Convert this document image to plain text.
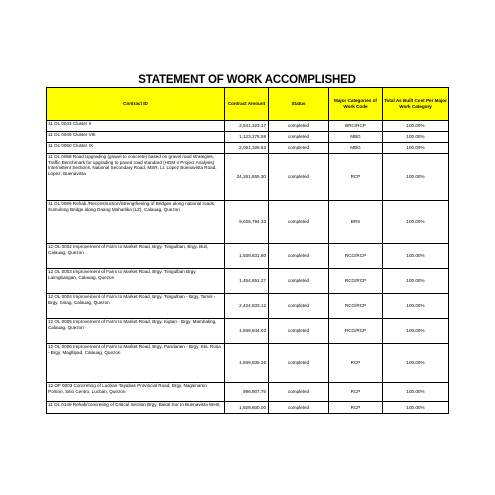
STATEMENT OF WORK ACCOMPLISHED
Contract ID	Contract Amount	Status	Major Categories of Work Code	Total As Built Cost Per Major Work Category
11 OL 0043 Cluster II	2,541,323.17	completed	BRC/RCP	100.00%
11 OL 0049 Cluster VIII	1,123,278.59	completed	MBG	100.00%
11 OL 0050 Cluster IX	2,051,326.63	completed	MBG	100.00%
11 OL 0088 Road Upgrading (gravel to concrete) based on gravel road strategies, Traffic Benchmark for upgrading to paved road standard (HDM 4 Project Analysis) Intermittent Sections, National Secondary Road, MSR, Lt. Lopez Buenavista Road, Lopez, Buenavista	24,261,655.30	completed	RCP	100.00%
11 OL 0099 Rehab./Reconstruction/Strengthening of Bridges along national roads, Sumulong Bridge along Daang Maharlika (LZ), Calauag, Quezon	9,026,794.33	completed	BRS	100.00%
12 OL 0002 Improvement of Farm to Market Road, Brgy. Tinigulban, Brgy. Buli, Calauag, Quezon	1,939,831.80	completed	RCG/RCP	100.00%
12 OL 0003 Improvement of Farm to Market Road, Brgy. Tinigulban Brgy. Laimgbangan, Calauag, Quezon	1,454,851.27	completed	RCG/RCP	100.00%
12 OL 0004 Improvement of Farm to Market Road, Brgy. Tinigulban - Brgy. Tamis - Brgy. Sinag, Calauag, Quezon	2,424,833.12	completed	RCG/RCP	100.00%
12 OL 0005 Improvement of Farm to Market Road, Brgy. Kigtan - Brgy. Mambaling, Calauag, Quezon	1,939,844.03	completed	RCG/RCP	100.00%
12 OL 0006 Improvement of Farm to Market Road, Brgy. Pandanan - Brgy. Sta. Rosa - Brgy. Magllipad, Calauag, Quezon	1,939,835.26	completed	RCP	100.00%
12 OF 0003 Concreting of Lucban-Tayabas Provincial Road, Brgy. Nagsinamo Portion, Sitio Centro, Lucban, Quezon	996,907.75	completed	RCP	100.00%
11 OL 0149 Rehab/concreting of Critical Section Brgy. Bukal Sur to Buenavista West,	1,928,600.00	completed	RCP	100.00%
